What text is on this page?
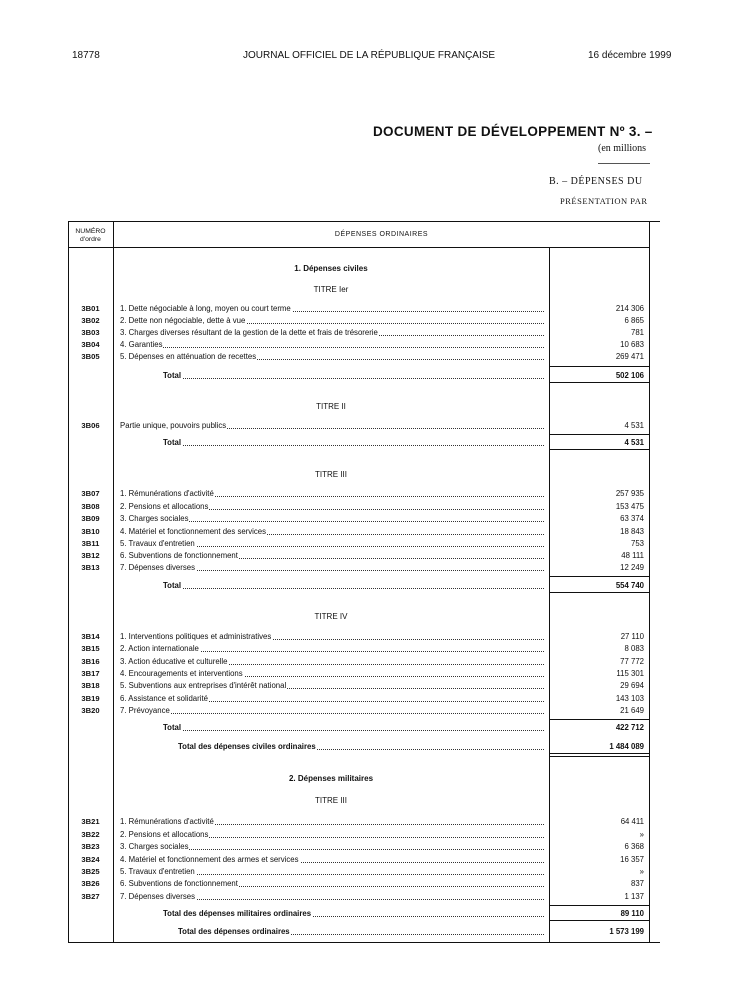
18778	JOURNAL OFFICIEL DE LA RÉPUBLIQUE FRANÇAISE	16 décembre 1999
DOCUMENT DE DÉVELOPPEMENT Nº 3. –
(en millions
B. – DÉPENSES DU
PRÉSENTATION PAR
NUMÉRO
d'ordre
DÉPENSES ORDINAIRES
1. Dépenses civiles
TITRE Ier
3B01	1. Dette négociable à long, moyen ou court terme	214 306
3B02	2. Dette non négociable, dette à vue	6 865
3B03	3. Charges diverses résultant de la gestion de la dette et frais de trésorerie	781
3B04	4. Garanties	10 683
3B05	5. Dépenses en atténuation de recettes	269 471
Total	502 106
TITRE II
3B06	Partie unique, pouvoirs publics	4 531
Total	4 531
TITRE III
3B07	1. Rémunérations d'activité	257 935
3B08	2. Pensions et allocations	153 475
3B09	3. Charges sociales	63 374
3B10	4. Matériel et fonctionnement des services	18 843
3B11	5. Travaux d'entretien	753
3B12	6. Subventions de fonctionnement	48 111
3B13	7. Dépenses diverses	12 249
Total	554 740
TITRE IV
3B14	1. Interventions politiques et administratives	27 110
3B15	2. Action internationale	8 083
3B16	3. Action éducative et culturelle	77 772
3B17	4. Encouragements et interventions	115 301
3B18	5. Subventions aux entreprises d'intérêt national	29 694
3B19	6. Assistance et solidarité	143 103
3B20	7. Prévoyance	21 649
Total	422 712
Total des dépenses civiles ordinaires	1 484 089
2. Dépenses militaires
TITRE III
3B21	1. Rémunérations d'activité	64 411
3B22	2. Pensions et allocations	»
3B23	3. Charges sociales	6 368
3B24	4. Matériel et fonctionnement des armes et services	16 357
3B25	5. Travaux d'entretien	»
3B26	6. Subventions de fonctionnement	837
3B27	7. Dépenses diverses	1 137
Total des dépenses militaires ordinaires	89 110
Total des dépenses ordinaires	1 573 199
